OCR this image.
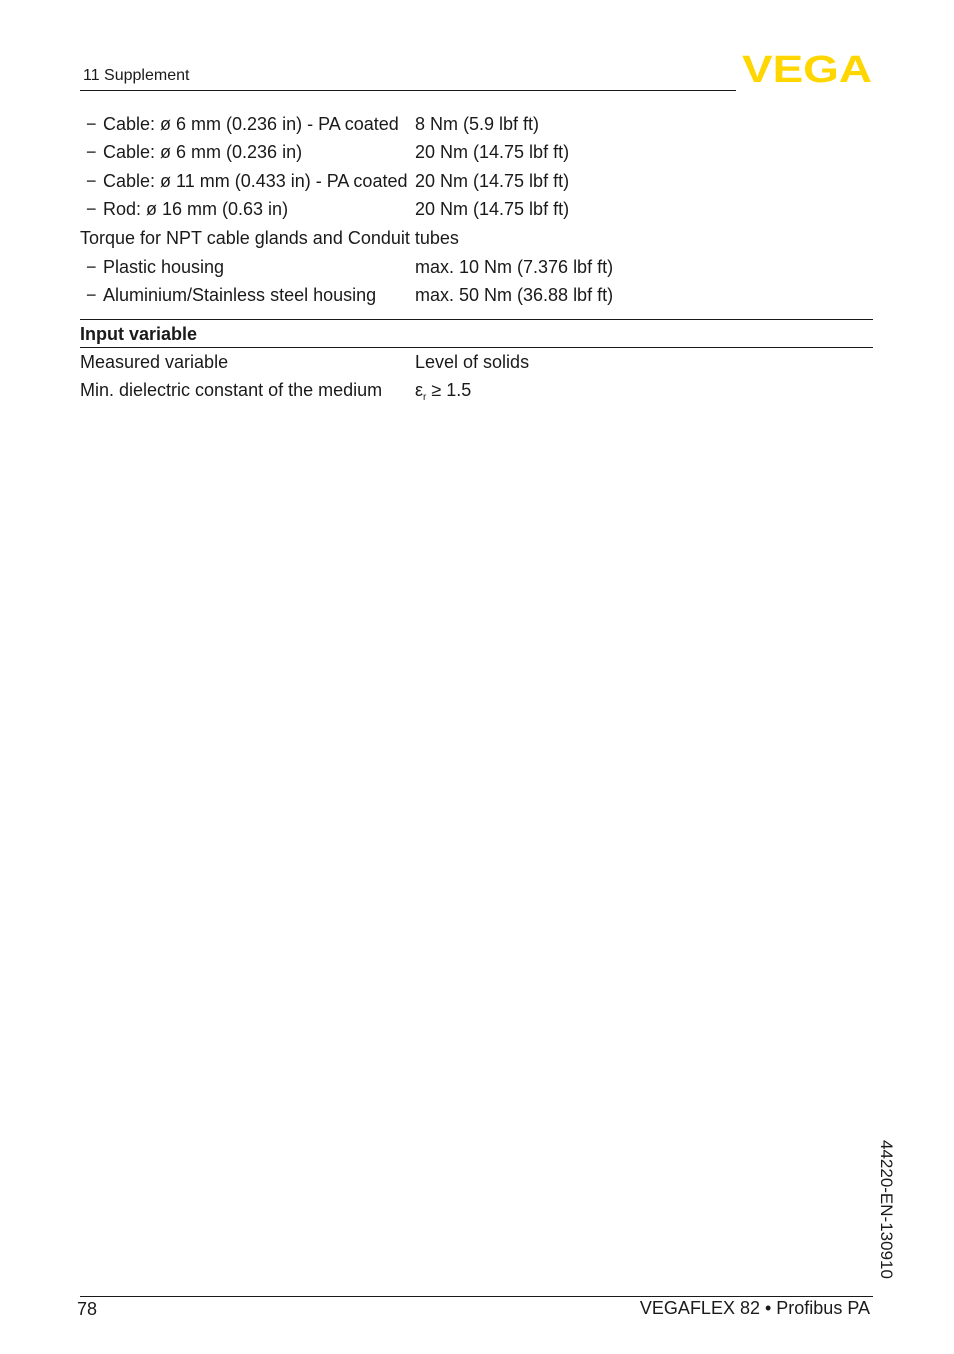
11 Supplement	VEGA
− Cable: ø 6 mm (0.236 in) - PA coated 8 Nm (5.9 lbf ft)
− Cable: ø 6 mm (0.236 in)	20 Nm (14.75 lbf ft)
− Cable: ø 11 mm (0.433 in) - PA coated 20 Nm (14.75 lbf ft)
− Rod: ø 16 mm (0.63 in)	20 Nm (14.75 lbf ft)
Torque for NPT cable glands and Conduit tubes
− Plastic housing	max. 10 Nm (7.376 lbf ft)
− Aluminium/Stainless steel housing max. 50 Nm (36.88 lbf ft)
Input variable
Measured variable	Level of solids
Min. dielectric constant of the medium $\varepsilon_r \ge 1.5$
44220-EN-130910
78	VEGAFLEX 82 • Profibus PA
